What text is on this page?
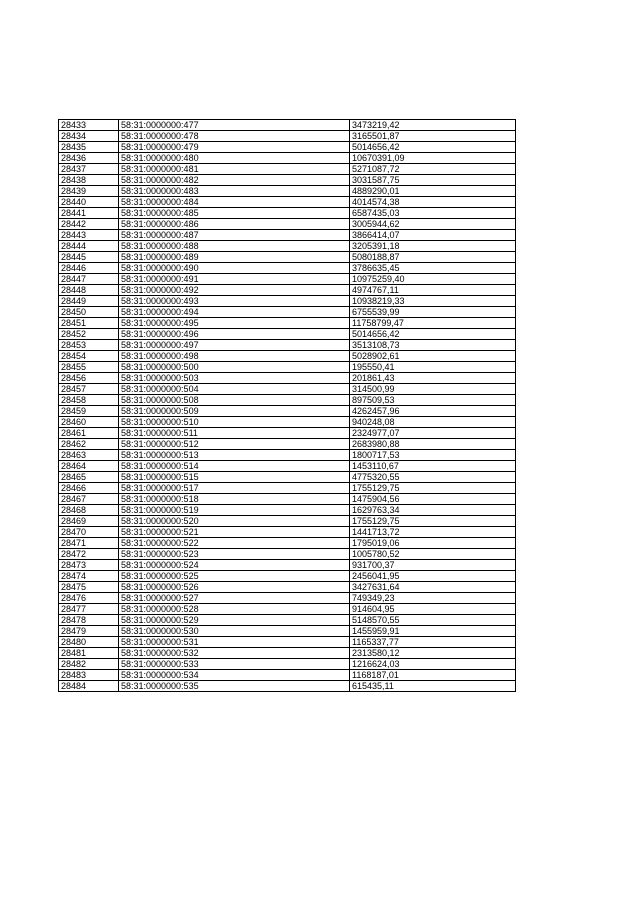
28433	58:31:0000000:477	3473219,42
28434	58:31:0000000:478	3165501,87
28435	58:31:0000000:479	5014656,42
28436	58:31:0000000:480	10670391,09
28437	58:31:0000000:481	5271087,72
28438	58:31:0000000:482	3031587,75
28439	58:31:0000000:483	4889290,01
28440	58:31:0000000:484	4014574,38
28441	58:31:0000000:485	6587435,03
28442	58:31:0000000:486	3005944,62
28443	58:31:0000000:487	3866414,07
28444	58:31:0000000:488	3205391,18
28445	58:31:0000000:489	5080188,87
28446	58:31:0000000:490	3786635,45
28447	58:31:0000000:491	10975259,40
28448	58:31:0000000:492	4974767,11
28449	58:31:0000000:493	10938219,33
28450	58:31:0000000:494	6755539,99
28451	58:31:0000000:495	11758799,47
28452	58:31:0000000:496	5014656,42
28453	58:31:0000000:497	3513108,73
28454	58:31:0000000:498	5028902,61
28455	58:31:0000000:500	195550,41
28456	58:31:0000000:503	201861,43
28457	58:31:0000000:504	314500,99
28458	58:31:0000000:508	897509,53
28459	58:31:0000000:509	4262457,96
28460	58:31:0000000:510	940248,08
28461	58:31:0000000:511	2324977,07
28462	58:31:0000000:512	2683980,88
28463	58:31:0000000:513	1800717,53
28464	58:31:0000000:514	1453110,67
28465	58:31:0000000:515	4775320,55
28466	58:31:0000000:517	1755129,75
28467	58:31:0000000:518	1475904,56
28468	58:31:0000000:519	1629763,34
28469	58:31:0000000:520	1755129,75
28470	58:31:0000000:521	1441713,72
28471	58:31:0000000:522	1795019,06
28472	58:31:0000000:523	1005780,52
28473	58:31:0000000:524	931700,37
28474	58:31:0000000:525	2456041,95
28475	58:31:0000000:526	3427631,64
28476	58:31:0000000:527	749349,23
28477	58:31:0000000:528	914604,95
28478	58:31:0000000:529	5148570,55
28479	58:31:0000000:530	1455959,91
28480	58:31:0000000:531	1165337,77
28481	58:31:0000000:532	2313580,12
28482	58:31:0000000:533	1216624,03
28483	58:31:0000000:534	1168187,01
28484	58:31:0000000:535	615435,11
